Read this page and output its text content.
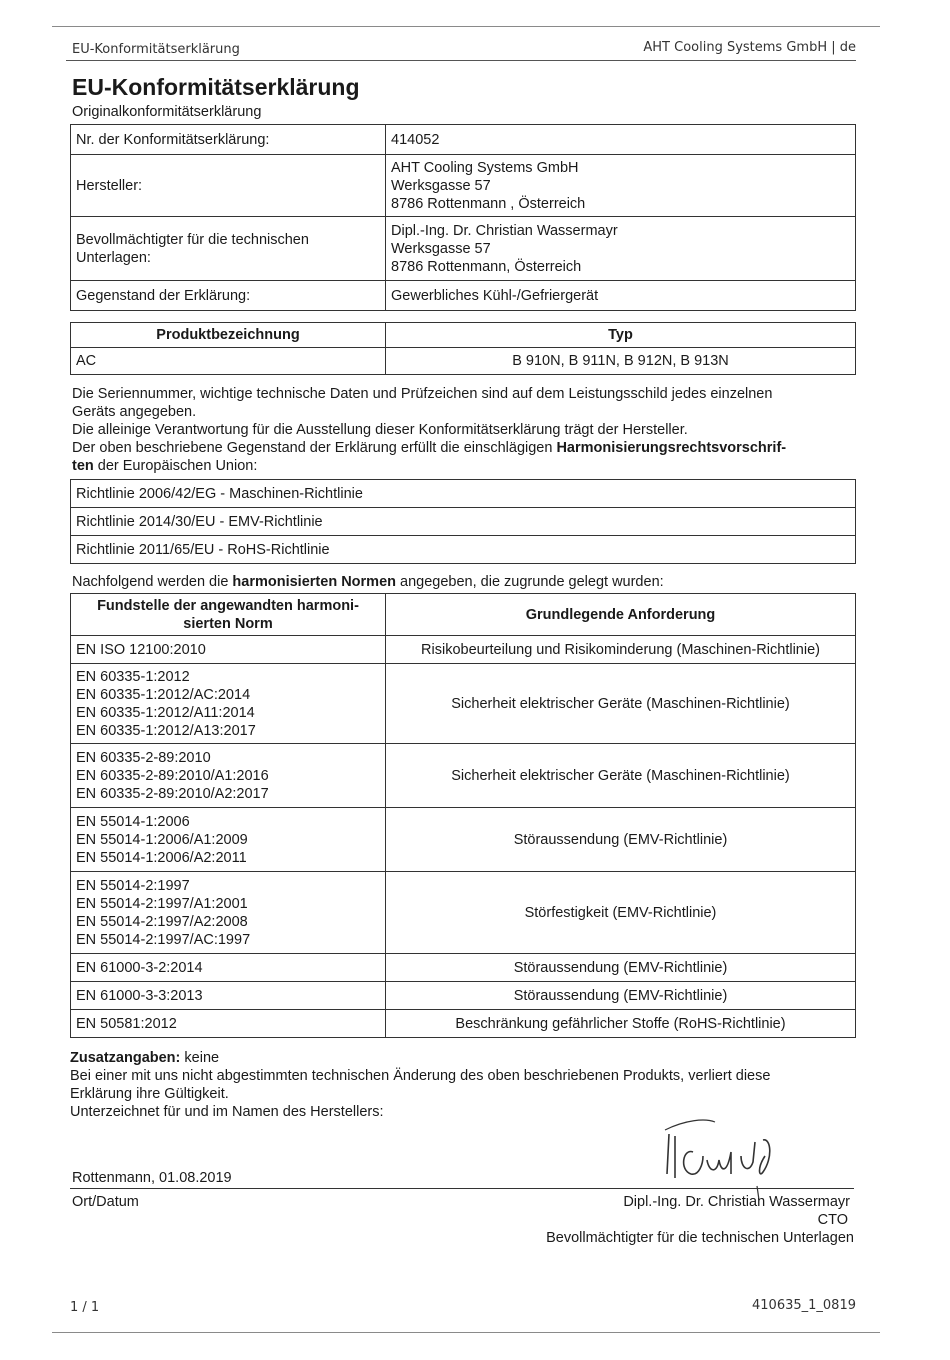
EU-Konformitätserklärung	AHT Cooling Systems GmbH | de
EU-Konformitätserklärung
Originalkonformitätserklärung
Nr. der Konformitätserklärung:	414052
Hersteller:	AHT Cooling Systems GmbH
Werksgasse 57
8786 Rottenmann , Österreich

Bevollmächtigter für die technischen Unterlagen:	Dipl.-Ing. Dr. Christian Wassermayr
Werksgasse 57
8786 Rottenmann, Österreich

Gegenstand der Erklärung:	Gewerbliches Kühl-/Gefriergerät
Produktbezeichnung	Typ
AC	B 910N, B 911N, B 912N, B 913N
Die Seriennummer, wichtige technische Daten und Prüfzeichen sind auf dem Leistungsschild jedes einzelnen
Geräts angegeben.
Die alleinige Verantwortung für die Ausstellung dieser Konformitätserklärung trägt der Hersteller.
Der oben beschriebene Gegenstand der Erklärung erfüllt die einschlägigen Harmonisierungsrechtsvorschrif-
ten der Europäischen Union:
Richtlinie 2006/42/EG - Maschinen-Richtlinie
Richtlinie 2014/30/EU - EMV-Richtlinie
Richtlinie 2011/65/EU - RoHS-Richtlinie
Nachfolgend werden die harmonisierten Normen angegeben, die zugrunde gelegt wurden:
Fundstelle der angewandten harmoni- sierten Norm	Grundlegende Anforderung

EN ISO 12100:2010	Risikobeurteilung und Risikominderung (Maschinen-Richtlinie)

EN 60335-1:2012
EN 60335-1:2012/AC:2014
EN 60335-1:2012/A11:2014
EN 60335-1:2012/A13:2017	Sicherheit elektrischer Geräte (Maschinen-Richtlinie)

EN 60335-2-89:2010
EN 60335-2-89:2010/A1:2016
EN 60335-2-89:2010/A2:2017	Sicherheit elektrischer Geräte (Maschinen-Richtlinie)

EN 55014-1:2006
EN 55014-1:2006/A1:2009
EN 55014-1:2006/A2:2011	Störaussendung (EMV-Richtlinie)

EN 55014-2:1997
EN 55014-2:1997/A1:2001
EN 55014-2:1997/A2:2008
EN 55014-2:1997/AC:1997	Störfestigkeit (EMV-Richtlinie)

EN 61000-3-2:2014	Störaussendung (EMV-Richtlinie)

EN 61000-3-3:2013	Störaussendung (EMV-Richtlinie)

EN 50581:2012	Beschränkung gefährlicher Stoffe (RoHS-Richtlinie)
Zusatzangaben: keine
Bei einer mit uns nicht abgestimmten technischen Änderung des oben beschriebenen Produkts, verliert diese
Erklärung ihre Gültigkeit.
Unterzeichnet für und im Namen des Herstellers:
Rottenmann, 01.08.2019
Ort/Datum	Dipl.-Ing. Dr. Christian Wassermayr
CTO
Bevollmächtigter für die technischen Unterlagen
1 / 1	410635_1_0819
